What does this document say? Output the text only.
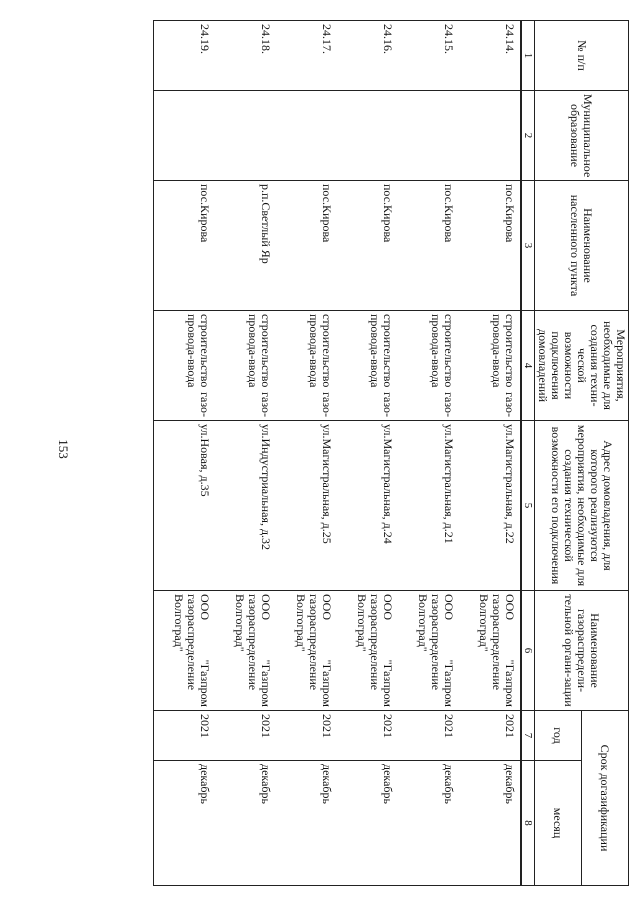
153
№ п/п	Муниципальное образование	Наименование населенного пункта	Мероприятия, необходимые для создания техни-ческой возможности подключения домовладений	Адрес домовладения, для которого реализуются мероприятия, необходимые для создания технической возможности его подключения	Наименование газораспредели-тельной органи-зации	Срок догазификации	
						год	месяц
1	2	3	4	5	6	7	8
24.14.		пос.Кирова	строительство газо-провода-ввода	ул.Магистральная, д.22	ООО "Газпром газораспределение Волгоград"	2021	декабрь
24.15.		пос.Кирова	строительство газо-провода-ввода	ул.Магистральная, д.21	ООО "Газпром газораспределение Волгоград"	2021	декабрь
24.16.		пос.Кирова	строительство газо-провода-ввода	ул.Магистральная, д.24	ООО "Газпром газораспределение Волгоград"	2021	декабрь
24.17.		пос.Кирова	строительство газо-провода-ввода	ул.Магистральная, д.25	ООО "Газпром газораспределение Волгоград"	2021	декабрь
24.18.		р.п.Светлый Яр	строительство газо-провода-ввода	ул.Индустриальная, д.32	ООО "Газпром газораспределение Волгоград"	2021	декабрь
24.19.		пос.Кирова	строительство газо-провода-ввода	ул.Новая, д.35	ООО "Газпром газораспределение Волгоград"	2021	декабрь
